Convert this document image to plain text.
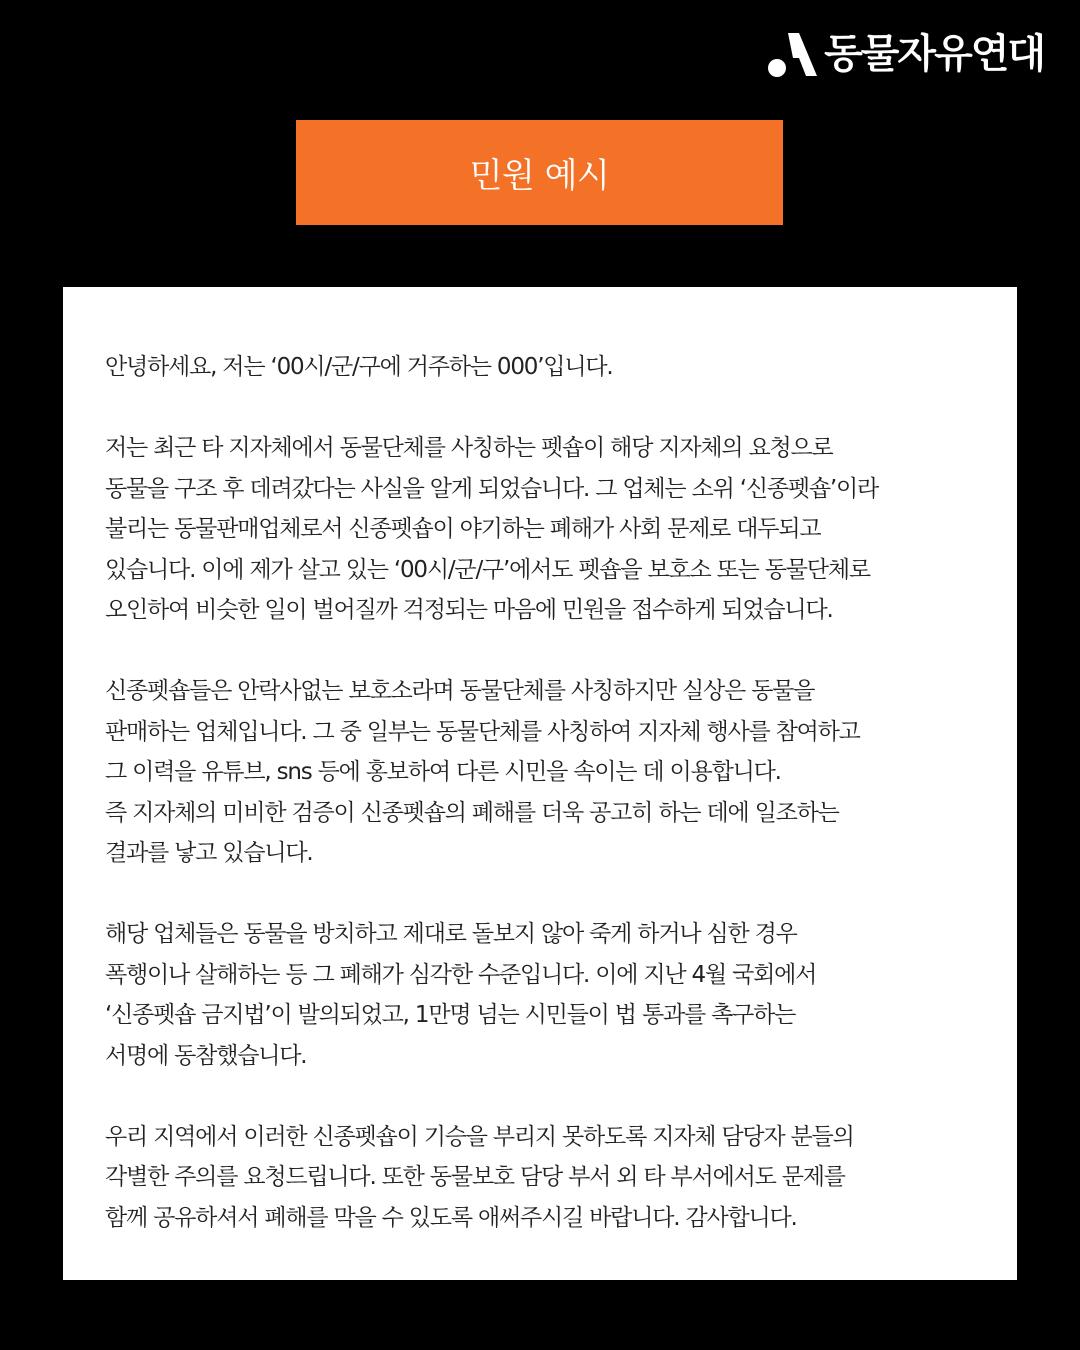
동물자유연대
민원 예시
안녕하세요, 저는 ‘00시/군/구에 거주하는 000’입니다.
저는 최근 타 지자체에서 동물단체를 사칭하는 펫숍이 해당 지자체의 요청으로
동물을 구조 후 데려갔다는 사실을 알게 되었습니다. 그 업체는 소위 ‘신종펫숍’이라
불리는 동물판매업체로서 신종펫숍이 야기하는 폐해가 사회 문제로 대두되고
있습니다. 이에 제가 살고 있는 ‘00시/군/구’에서도 펫숍을 보호소 또는 동물단체로
오인하여 비슷한 일이 벌어질까 걱정되는 마음에 민원을 접수하게 되었습니다.
신종펫숍들은 안락사없는 보호소라며 동물단체를 사칭하지만 실상은 동물을
판매하는 업체입니다. 그 중 일부는 동물단체를 사칭하여 지자체 행사를 참여하고
그 이력을 유튜브, sns 등에 홍보하여 다른 시민을 속이는 데 이용합니다.
즉 지자체의 미비한 검증이 신종펫숍의 폐해를 더욱 공고히 하는 데에 일조하는
결과를 낳고 있습니다.
해당 업체들은 동물을 방치하고 제대로 돌보지 않아 죽게 하거나 심한 경우
폭행이나 살해하는 등 그 폐해가 심각한 수준입니다. 이에 지난 4월 국회에서
‘신종펫숍 금지법’이 발의되었고, 1만명 넘는 시민들이 법 통과를 촉구하는
서명에 동참했습니다.
우리 지역에서 이러한 신종펫숍이 기승을 부리지 못하도록 지자체 담당자 분들의
각별한 주의를 요청드립니다. 또한 동물보호 담당 부서 외 타 부서에서도 문제를
함께 공유하셔서 폐해를 막을 수 있도록 애써주시길 바랍니다. 감사합니다.
